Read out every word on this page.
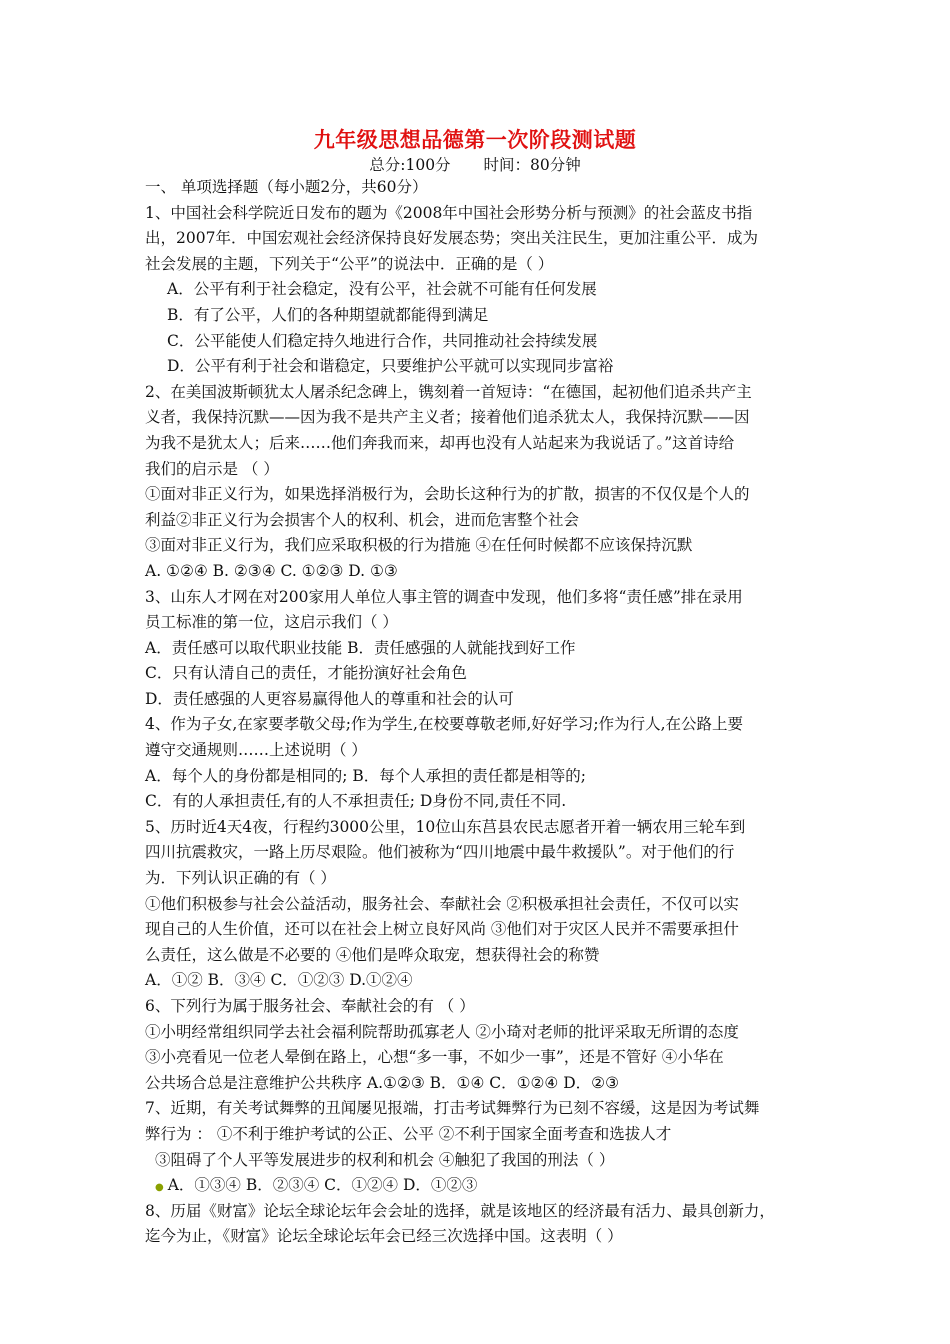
九年级思想品德第一次阶段测试题
总分:100分 时间：80分钟
一、 单项选择题（每小题2分，共60分）
1、中国社会科学院近日发布的题为《2008年中国社会形势分析与预测》的社会蓝皮书指
出，2007年．中国宏观社会经济保持良好发展态势；突出关注民生，更加注重公平．成为
社会发展的主题，下列关于“公平”的说法中．正确的是（ ）
A．公平有利于社会稳定，没有公平，社会就不可能有任何发展
B．有了公平，人们的各种期望就都能得到满足
C．公平能使人们稳定持久地进行合作，共同推动社会持续发展
D．公平有利于社会和谐稳定，只要维护公平就可以实现同步富裕
2、在美国波斯顿犹太人屠杀纪念碑上，镌刻着一首短诗：“在德国，起初他们追杀共产主
义者，我保持沉默——因为我不是共产主义者；接着他们追杀犹太人，我保持沉默——因
为我不是犹太人；后来……他们奔我而来，却再也没有人站起来为我说话了。”这首诗给
我们的启示是 （ ）
①面对非正义行为，如果选择消极行为，会助长这种行为的扩散，损害的不仅仅是个人的
利益②非正义行为会损害个人的权利、机会，进而危害整个社会
③面对非正义行为，我们应采取积极的行为措施 ④在任何时候都不应该保持沉默
A. ①②④ B. ②③④ C. ①②③ D. ①③
3、山东人才网在对200家用人单位人事主管的调查中发现，他们多将“责任感”排在录用
员工标准的第一位，这启示我们（ ）
A．责任感可以取代职业技能 B．责任感强的人就能找到好工作
C．只有认清自己的责任，才能扮演好社会角色
D．责任感强的人更容易赢得他人的尊重和社会的认可
4、作为子女,在家要孝敬父母;作为学生,在校要尊敬老师,好好学习;作为行人,在公路上要
遵守交通规则……上述说明（ ）
A．每个人的身份都是相同的; B．每个人承担的责任都是相等的;
C．有的人承担责任,有的人不承担责任; D身份不同,责任不同.
5、历时近4天4夜，行程约3000公里，10位山东莒县农民志愿者开着一辆农用三轮车到
四川抗震救灾，一路上历尽艰险。他们被称为“四川地震中最牛救援队”。对于他们的行
为．下列认识正确的有（ ）
①他们积极参与社会公益活动，服务社会、奉献社会 ②积极承担社会责任，不仅可以实
现自己的人生价值，还可以在社会上树立良好风尚 ③他们对于灾区人民并不需要承担什
么责任，这么做是不必要的 ④他们是哗众取宠，想获得社会的称赞
A．①② B．③④ C．①②③ D.①②④
6、下列行为属于服务社会、奉献社会的有 （ ）
①小明经常组织同学去社会福利院帮助孤寡老人 ②小琦对老师的批评采取无所谓的态度
③小亮看见一位老人晕倒在路上，心想“多一事，不如少一事”，还是不管好 ④小华在
公共场合总是注意维护公共秩序 A.①②③ B．①④ C．①②④ D．②③
7、近期，有关考试舞弊的丑闻屡见报端，打击考试舞弊行为已刻不容缓，这是因为考试舞
弊行为 ： ①不利于维护考试的公正、公平 ②不利于国家全面考查和选拔人才
③阻碍了个人平等发展进步的权利和机会 ④触犯了我国的刑法（ ）
● A．①③④ B．②③④ C．①②④ D．①②③
8、历届《财富》论坛全球论坛年会会址的选择，就是该地区的经济最有活力、最具创新力，
迄今为止，《财富》论坛全球论坛年会已经三次选择中国。这表明（ ）
